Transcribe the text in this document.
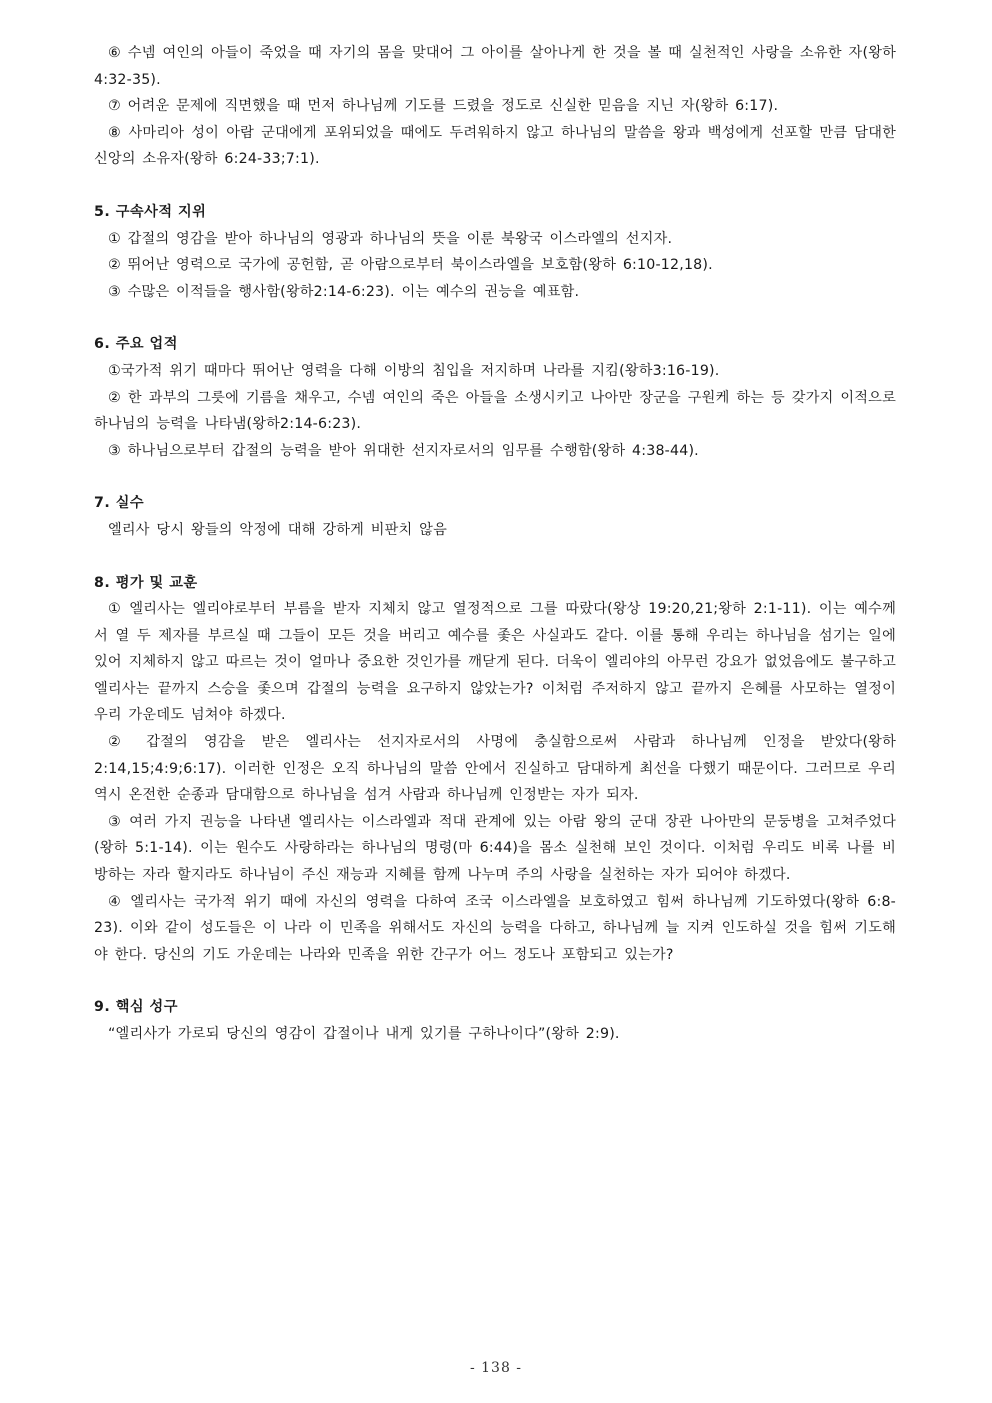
⑥ 수넴 여인의 아들이 죽었을 때 자기의 몸을 맞대어 그 아이를 살아나게 한 것을 볼 때 실천적인 사랑을 소유한 자(왕하4:32-35).

⑦ 어려운 문제에 직면했을 때 먼저 하나님께 기도를 드렸을 정도로 신실한 믿음을 지닌 자(왕하 6:17).

⑧ 사마리아 성이 아람 군대에게 포위되었을 때에도 두려워하지 않고 하나님의 말씀을 왕과 백성에게 선포할 만큼 담대한 신앙의 소유자(왕하 6:24-33;7:1).

5. 구속사적 지위

① 갑절의 영감을 받아 하나님의 영광과 하나님의 뜻을 이룬 북왕국 이스라엘의 선지자.

② 뛰어난 영력으로 국가에 공헌함, 곧 아람으로부터 북이스라엘을 보호함(왕하 6:10-12,18).

③ 수많은 이적들을 행사함(왕하2:14-6:23). 이는 예수의 권능을 예표함.

6. 주요 업적

①국가적 위기 때마다 뛰어난 영력을 다해 이방의 침입을 저지하며 나라를 지킴(왕하3:16-19).

② 한 과부의 그릇에 기름을 채우고, 수넴 여인의 죽은 아들을 소생시키고 나아만 장군을 구원케 하는 등 갖가지 이적으로 하나님의 능력을 나타냄(왕하2:14-6:23).

③ 하나님으로부터 갑절의 능력을 받아 위대한 선지자로서의 임무를 수행함(왕하 4:38-44).

7. 실수

엘리사 당시 왕들의 악정에 대해 강하게 비판치 않음

8. 평가 및 교훈

① 엘리사는 엘리야로부터 부름을 받자 지체치 않고 열정적으로 그를 따랐다(왕상 19:20,21;왕하 2:1-11). 이는 예수께서 열 두 제자를 부르실 때 그들이 모든 것을 버리고 예수를 좇은 사실과도 같다. 이를 통해 우리는 하나님을 섬기는 일에 있어 지체하지 않고 따르는 것이 얼마나 중요한 것인가를 깨닫게 된다. 더욱이 엘리야의 아무런 강요가 없었음에도 불구하고 엘리사는 끝까지 스승을 좇으며 갑절의 능력을 요구하지 않았는가? 이처럼 주저하지 않고 끝까지 은혜를 사모하는 열정이 우리 가운데도 넘쳐야 하겠다.

② 갑절의 영감을 받은 엘리사는 선지자로서의 사명에 충실함으로써 사람과 하나님께 인정을 받았다(왕하 2:14,15;4:9;6:17). 이러한 인정은 오직 하나님의 말씀 안에서 진실하고 담대하게 최선을 다했기 때문이다. 그러므로 우리 역시 온전한 순종과 담대함으로 하나님을 섬겨 사람과 하나님께 인정받는 자가 되자.

③ 여러 가지 권능을 나타낸 엘리사는 이스라엘과 적대 관계에 있는 아람 왕의 군대 장관 나아만의 문둥병을 고쳐주었다(왕하 5:1-14). 이는 원수도 사랑하라는 하나님의 명령(마 6:44)을 몸소 실천해 보인 것이다. 이처럼 우리도 비록 나를 비방하는 자라 할지라도 하나님이 주신 재능과 지혜를 함께 나누며 주의 사랑을 실천하는 자가 되어야 하겠다.

④ 엘리사는 국가적 위기 때에 자신의 영력을 다하여 조국 이스라엘을 보호하였고 힘써 하나님께 기도하였다(왕하 6:8-23). 이와 같이 성도들은 이 나라 이 민족을 위해서도 자신의 능력을 다하고, 하나님께 늘 지켜 인도하실 것을 힘써 기도해야 한다. 당신의 기도 가운데는 나라와 민족을 위한 간구가 어느 정도나 포함되고 있는가?

9. 핵심 성구

“엘리사가 가로되 당신의 영감이 갑절이나 내게 있기를 구하나이다”(왕하 2:9).

- 138 -
